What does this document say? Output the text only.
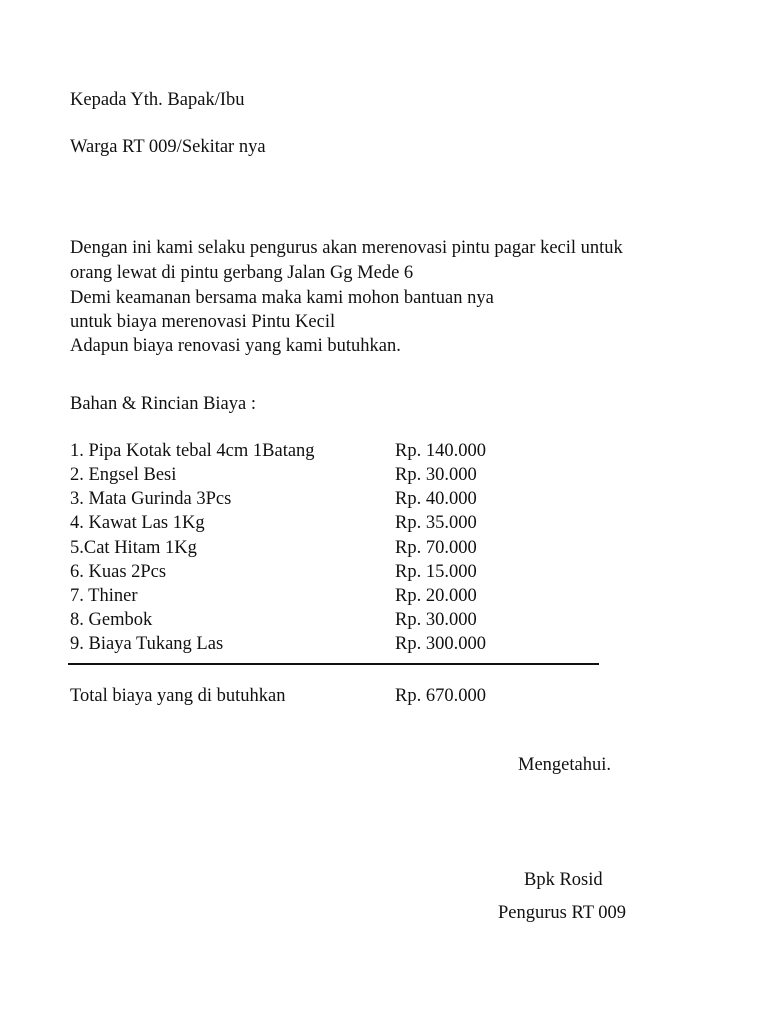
Kepada Yth. Bapak/Ibu
Warga RT 009/Sekitar nya
Dengan ini kami selaku pengurus akan merenovasi pintu pagar kecil untuk
orang lewat di pintu gerbang Jalan Gg Mede 6
Demi keamanan bersama maka kami mohon bantuan nya
untuk biaya merenovasi Pintu Kecil
Adapun biaya renovasi yang kami butuhkan.
Bahan & Rincian Biaya :
1. Pipa Kotak tebal 4cm 1Batang	Rp. 140.000
2. Engsel Besi	Rp. 30.000
3. Mata Gurinda 3Pcs	Rp. 40.000
4. Kawat Las 1Kg	Rp. 35.000
5.Cat Hitam 1Kg	Rp. 70.000
6. Kuas 2Pcs	Rp. 15.000
7. Thiner	Rp. 20.000
8. Gembok	Rp. 30.000
9. Biaya Tukang Las	Rp. 300.000
Total biaya yang di butuhkan	Rp. 670.000
Mengetahui.
Bpk Rosid
Pengurus RT 009
